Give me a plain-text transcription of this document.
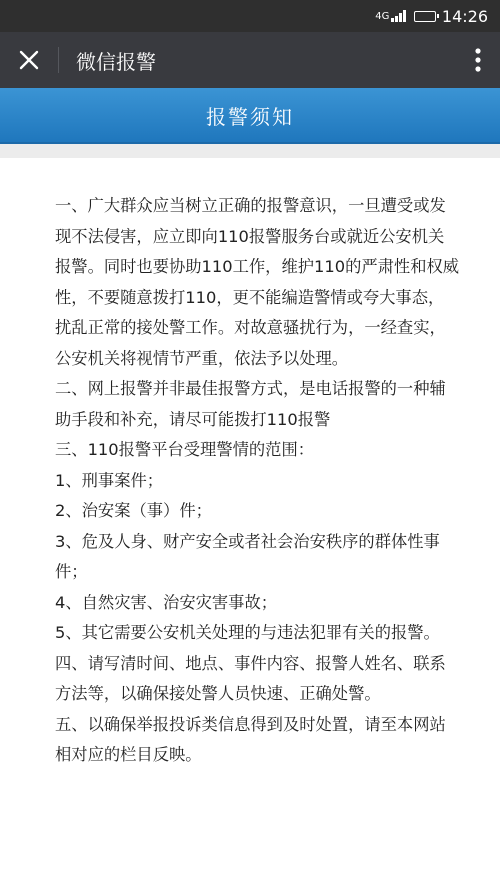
4G	14:26
微信报警
报警须知

一、广大群众应当树立正确的报警意识，一旦遭受或发现不法侵害，应立即向110报警服务台或就近公安机关报警。同时也要协助110工作，维护110的严肃性和权威性，不要随意拨打110，更不能编造警情或夸大事态，扰乱正常的接处警工作。对故意骚扰行为，一经查实，公安机关将视情节严重，依法予以处理。

二、网上报警并非最佳报警方式，是电话报警的一种辅助手段和补充，请尽可能拨打110报警

三、110报警平台受理警情的范围：

1、刑事案件；

2、治安案（事）件；

3、危及人身、财产安全或者社会治安秩序的群体性事件；

4、自然灾害、治安灾害事故；

5、其它需要公安机关处理的与违法犯罪有关的报警。

四、请写清时间、地点、事件内容、报警人姓名、联系方法等，以确保接处警人员快速、正确处警。

五、以确保举报投诉类信息得到及时处置，请至本网站相对应的栏目反映。
